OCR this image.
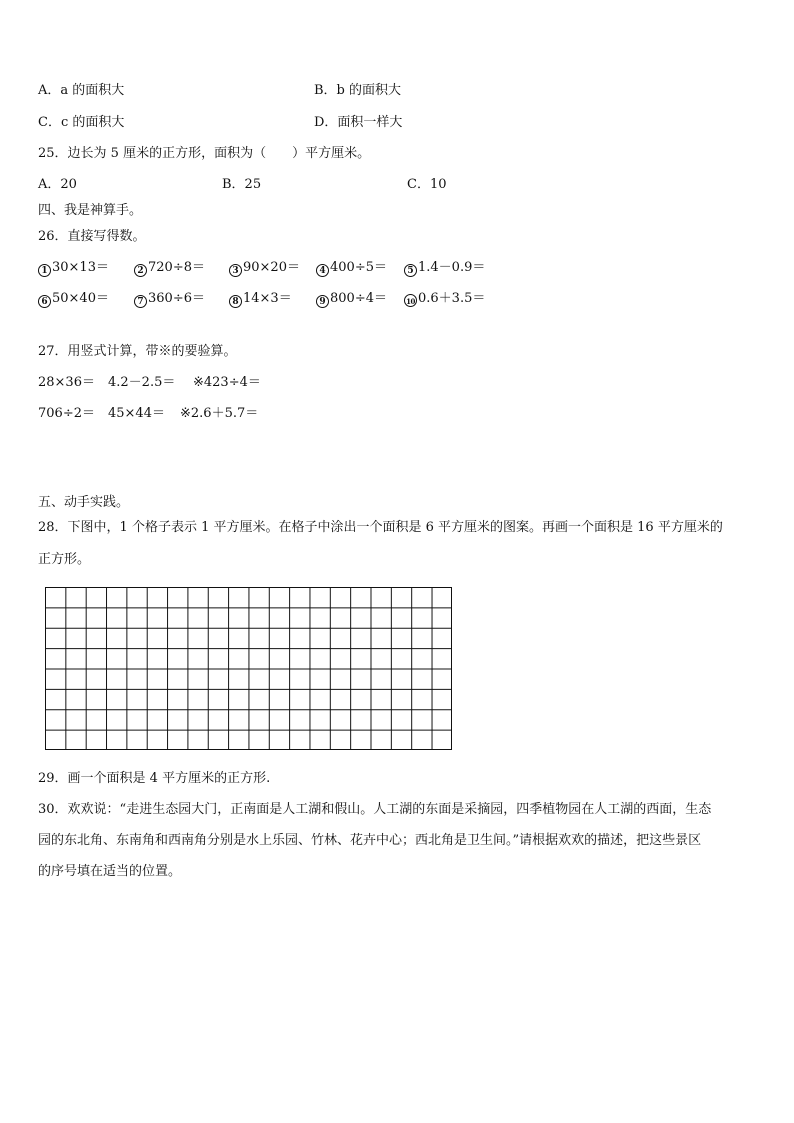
A．a 的面积大	B．b 的面积大
C．c 的面积大	D．面积一样大
25．边长为 5 厘米的正方形，面积为（　　）平方厘米。
A．20	B．25	C．10
四、我是神算手。
26．直接写得数。
1 30×13＝	2 720÷8＝	3 90×20＝	4 400÷5＝	5 1.4－0.9＝
6 50×40＝	7 360÷6＝	8 14×3＝	9 800÷4＝	10 0.6＋3.5＝
27．用竖式计算，带※的要验算。
28×36＝ 4.2－2.5＝ ※423÷4＝
706÷2＝ 45×44＝ ※2.6＋5.7＝
五、动手实践。
28．下图中，1 个格子表示 1 平方厘米。在格子中涂出一个面积是 6 平方厘米的图案。再画一个面积是 16 平方厘米的
正方形。
29．画一个面积是 4 平方厘米的正方形.
30．欢欢说：“走进生态园大门，正南面是人工湖和假山。人工湖的东面是采摘园，四季植物园在人工湖的西面，生态
园的东北角、东南角和西南角分别是水上乐园、竹林、花卉中心；西北角是卫生间。”请根据欢欢的描述，把这些景区
的序号填在适当的位置。
